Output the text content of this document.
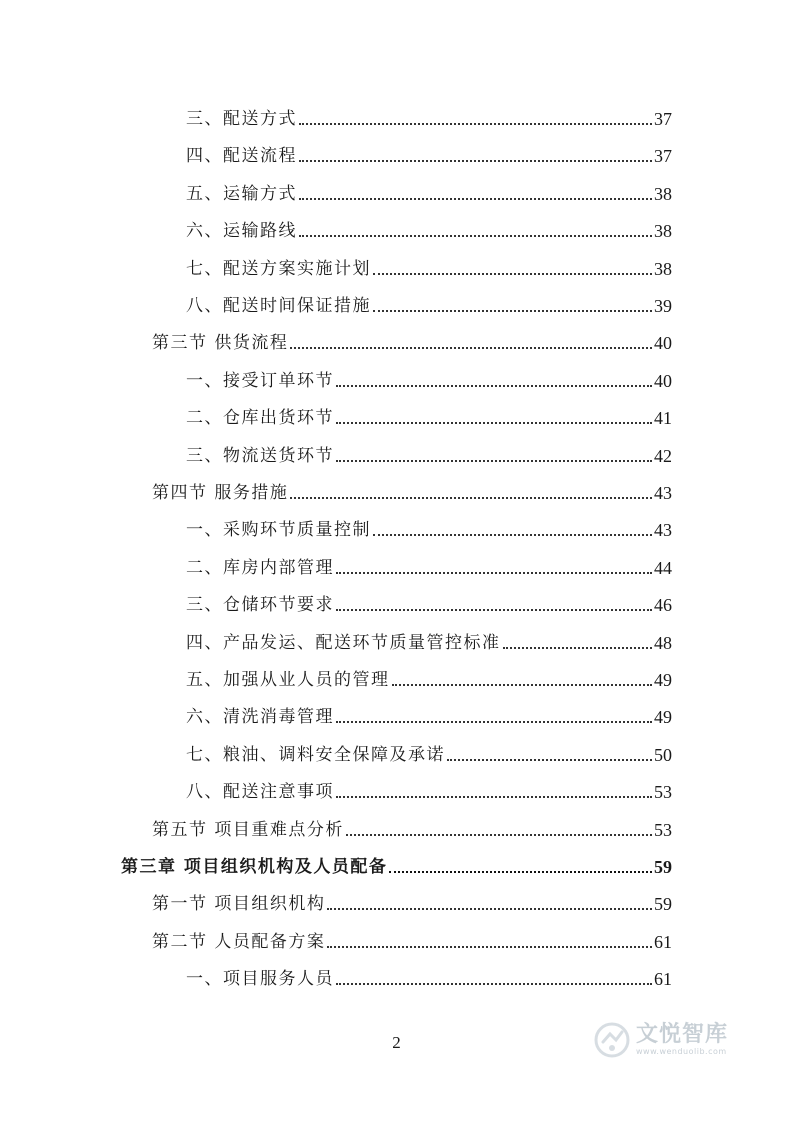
三、配送方式	37
四、配送流程	37
五、运输方式	38
六、运输路线	38
七、配送方案实施计划	38
八、配送时间保证措施	39
第三节 供货流程	40
一、接受订单环节	40
二、仓库出货环节	41
三、物流送货环节	42
第四节 服务措施	43
一、采购环节质量控制	43
二、库房内部管理	44
三、仓储环节要求	46
四、产品发运、配送环节质量管控标准	48
五、加强从业人员的管理	49
六、清洗消毒管理	49
七、粮油、调料安全保障及承诺	50
八、配送注意事项	53
第五节 项目重难点分析	53
第三章 项目组织机构及人员配备	59
第一节 项目组织机构	59
第二节 人员配备方案	61
一、项目服务人员	61
2	文悦智库
www.wenduolib.com
